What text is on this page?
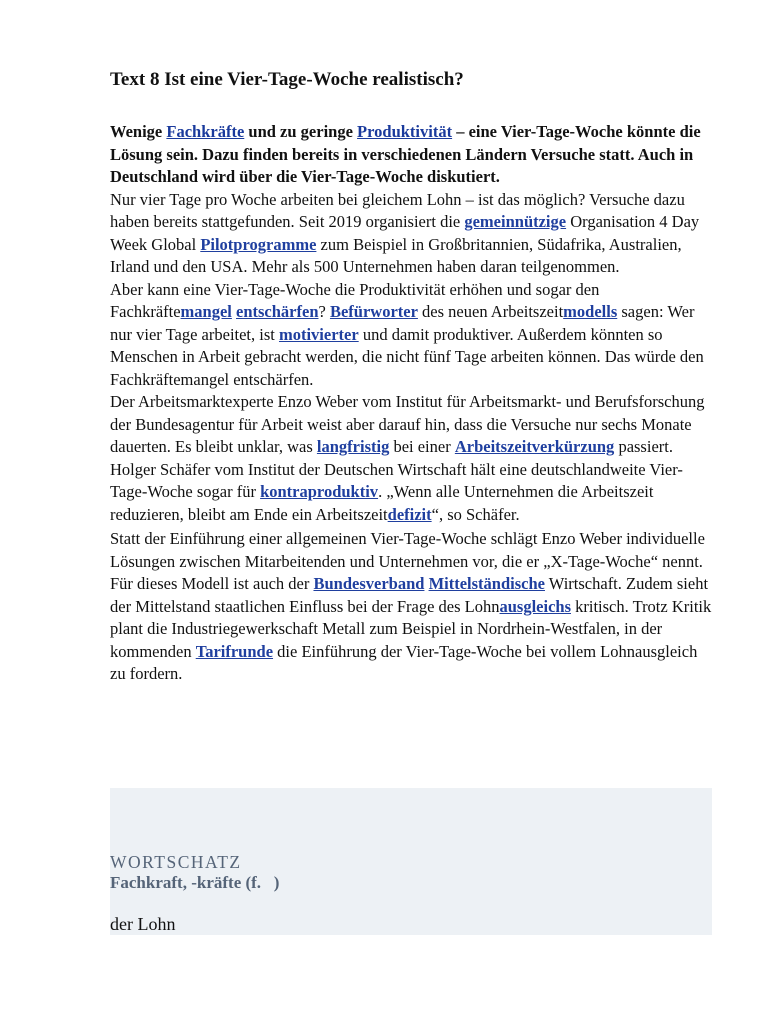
Text 8 Ist eine Vier-Tage-Woche realistisch?

Wenige Fachkräfte und zu geringe Produktivität – eine Vier-Tage-Woche könnte die Lösung sein. Dazu finden bereits in verschiedenen Ländern Versuche statt. Auch in Deutschland wird über die Vier-Tage-Woche diskutiert.

Nur vier Tage pro Woche arbeiten bei gleichem Lohn – ist das möglich? Versuche dazu haben bereits stattgefunden. Seit 2019 organisiert die gemeinnützige Organisation 4 Day Week Global Pilotprogramme zum Beispiel in Großbritannien, Südafrika, Australien, Irland und den USA. Mehr als 500 Unternehmen haben daran teilgenommen.

Aber kann eine Vier-Tage-Woche die Produktivität erhöhen und sogar den Fachkräftemangel entschärfen? Befürworter des neuen Arbeitszeitmodells sagen: Wer nur vier Tage arbeitet, ist motivierter und damit produktiver. Außerdem könnten so Menschen in Arbeit gebracht werden, die nicht fünf Tage arbeiten können. Das würde den Fachkräftemangel entschärfen.

Der Arbeitsmarktexperte Enzo Weber vom Institut für Arbeitsmarkt- und Berufsforschung der Bundesagentur für Arbeit weist aber darauf hin, dass die Versuche nur sechs Monate dauerten. Es bleibt unklar, was langfristig bei einer Arbeitszeitverkürzung passiert. Holger Schäfer vom Institut der Deutschen Wirtschaft hält eine deutschlandweite Vier-Tage-Woche sogar für kontraproduktiv. „Wenn alle Unternehmen die Arbeitszeit reduzieren, bleibt am Ende ein Arbeitszeitdefizit“, so Schäfer.

Statt der Einführung einer allgemeinen Vier-Tage-Woche schlägt Enzo Weber individuelle Lösungen zwischen Mitarbeitenden und Unternehmen vor, die er „X-Tage-Woche“ nennt. Für dieses Modell ist auch der Bundesverband Mittelständische Wirtschaft. Zudem sieht der Mittelstand staatlichen Einfluss bei der Frage des Lohnausgleichs kritisch. Trotz Kritik plant die Industriegewerkschaft Metall zum Beispiel in Nordrhein-Westfalen, in der kommenden Tarifrunde die Einführung der Vier-Tage-Woche bei vollem Lohnausgleich zu fordern.

WORTSCHATZ
Fachkraft, -kräfte (f.   )
der Lohn
